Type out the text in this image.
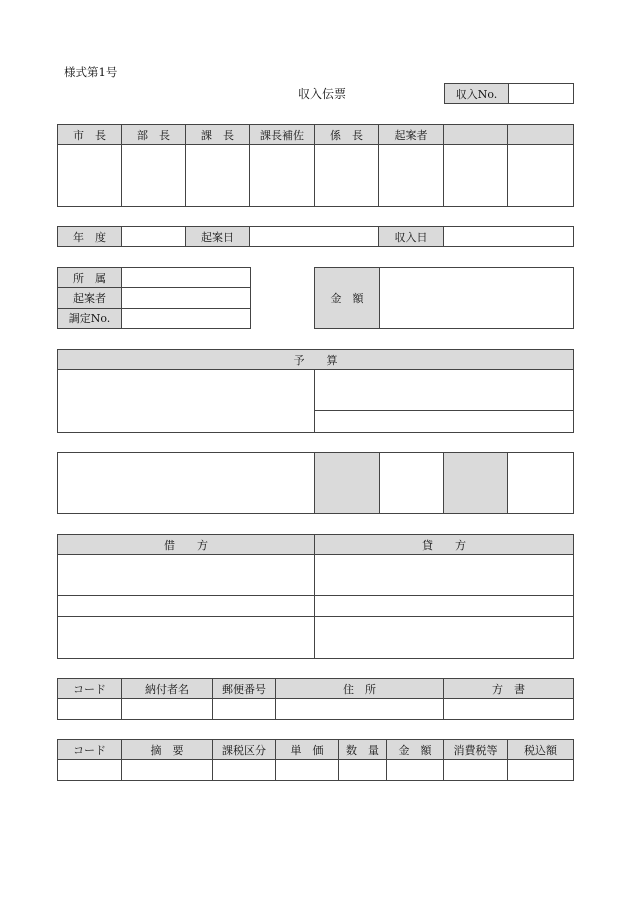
様式第1号
収入伝票	収入No.	
市　長	部　長	課　長	課長補佐	係　長	起案者		

年　度		起案日		収入日	
所　属	
起案者	
調定No.	
金　額	
予　　算

借　　方	貸　　方

コード	納付者名	郵便番号	住　所	方　書

コード	摘　要	課税区分	単　価	数　量	金　額	消費税等	税込額
